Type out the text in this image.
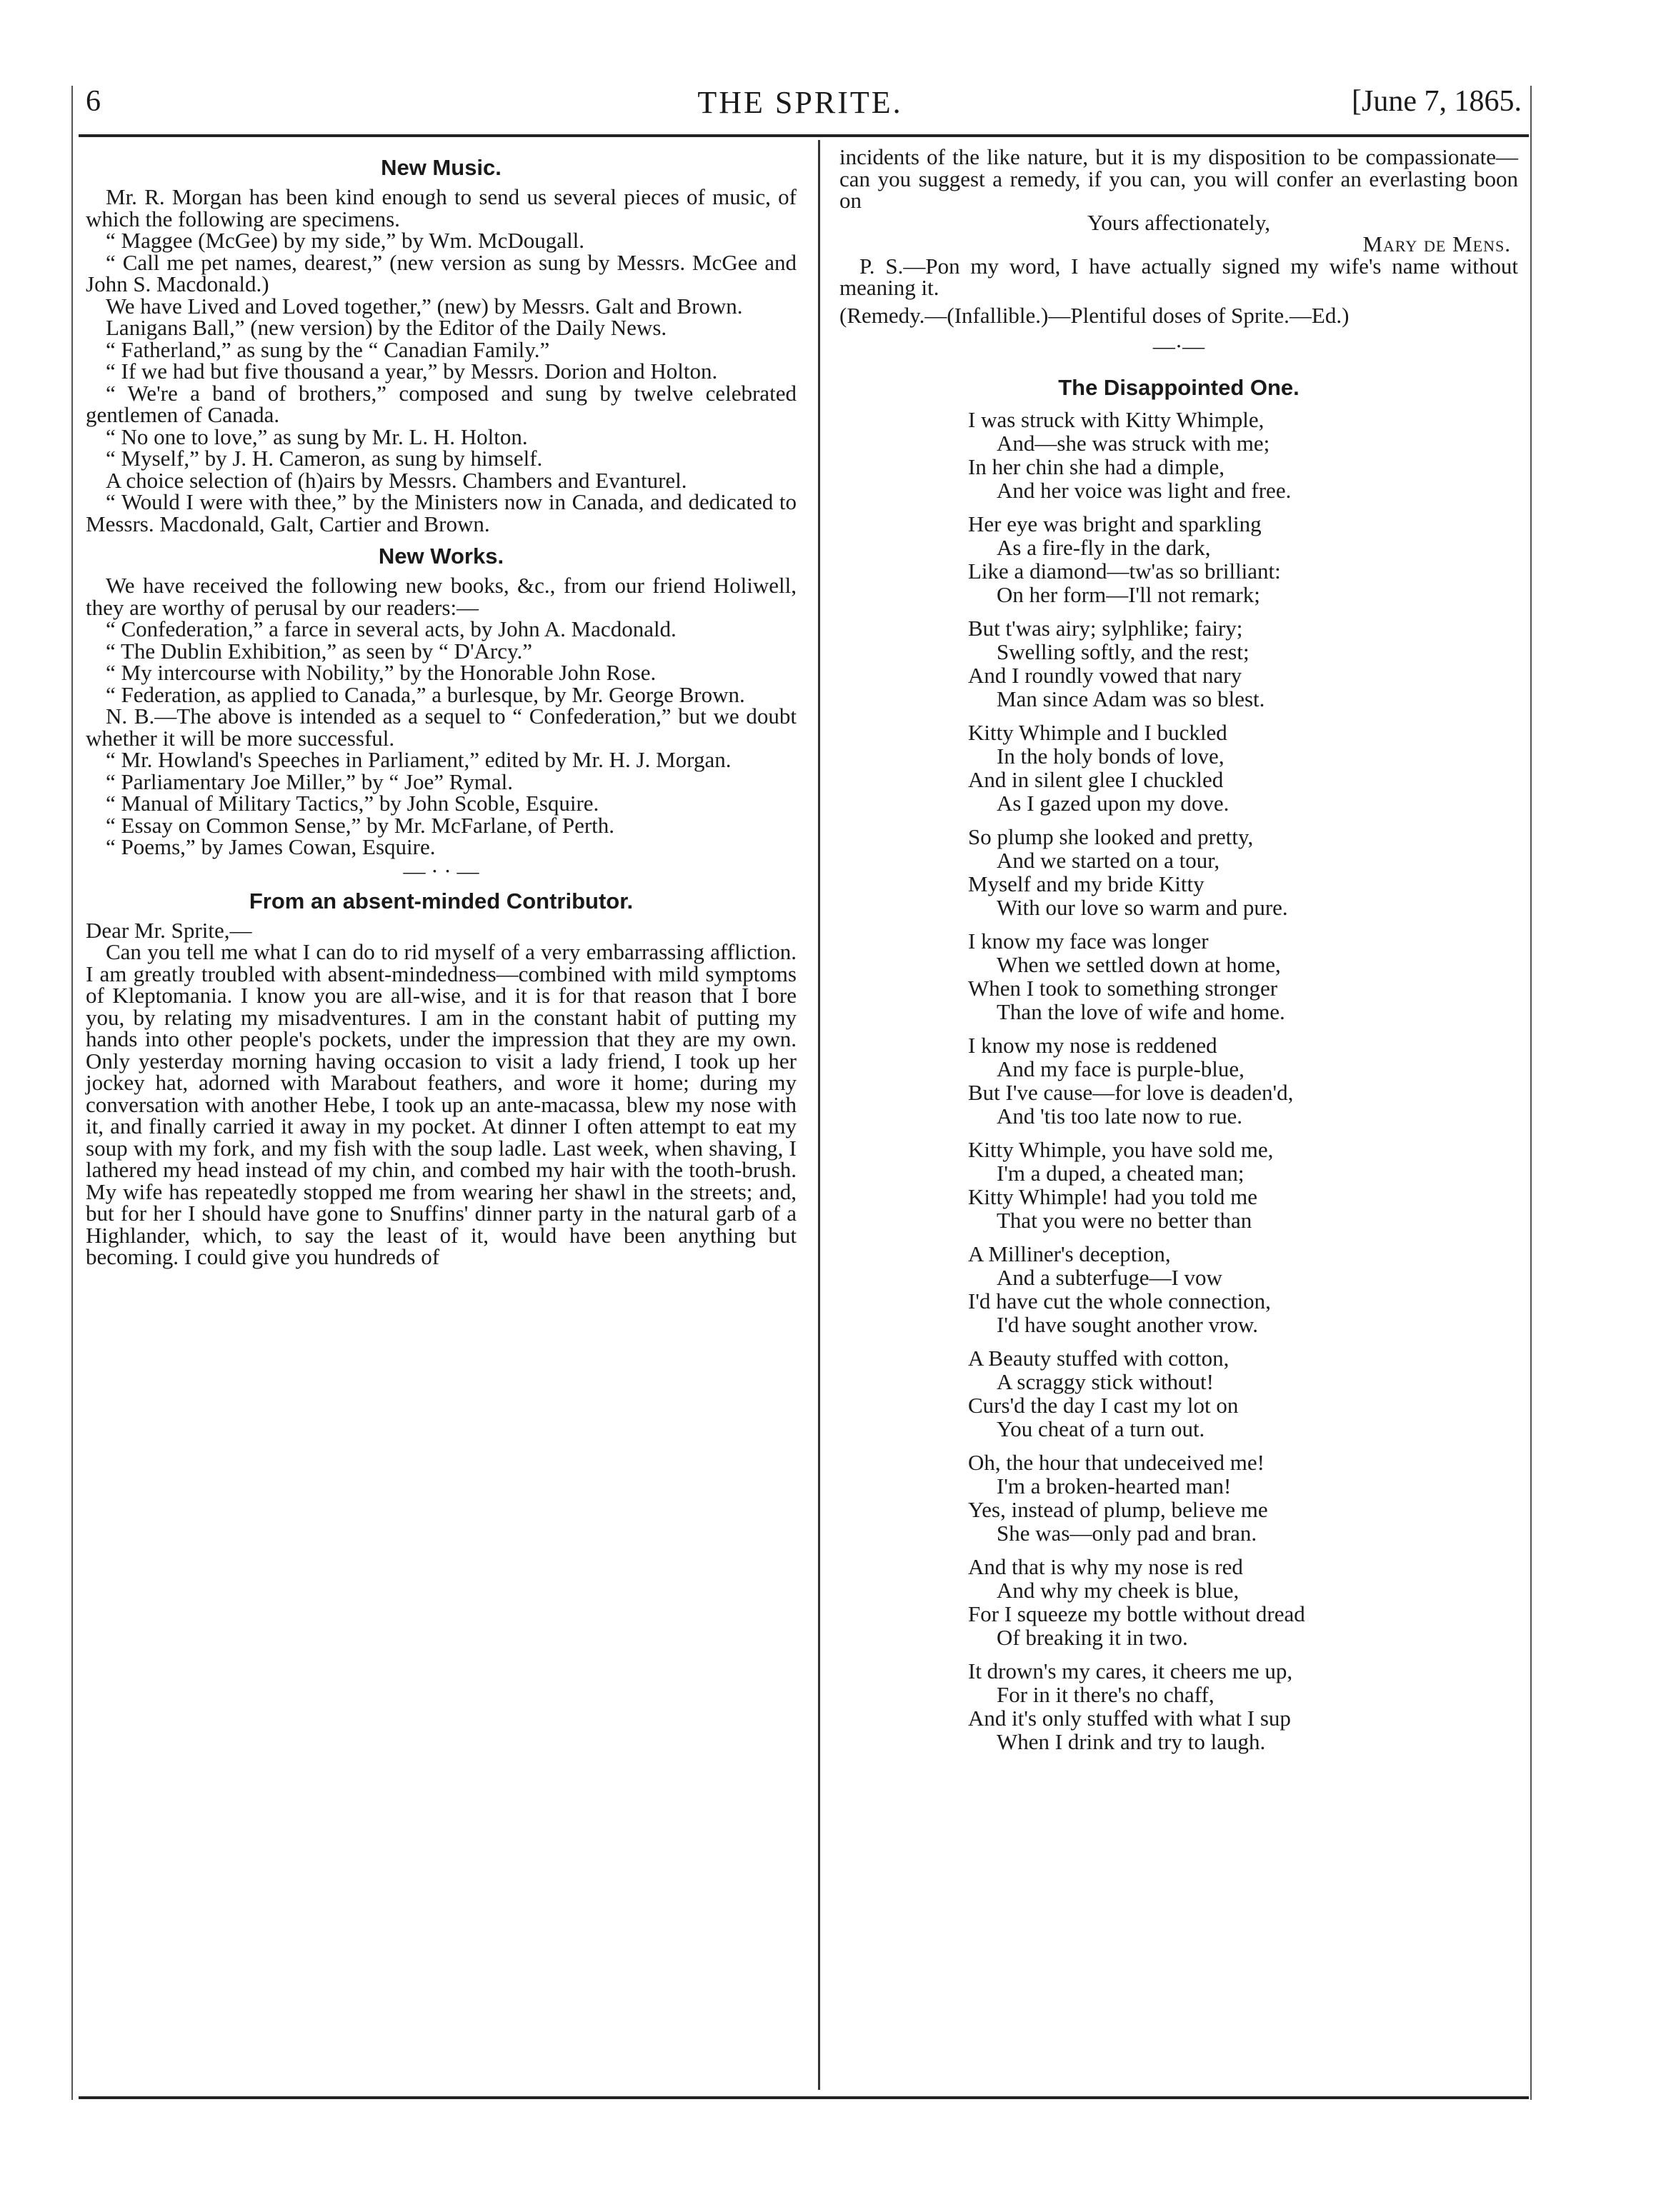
6	THE SPRITE.	[June 7, 1865.
New Music.

Mr. R. Morgan has been kind enough to send us several pieces of music, of which the following are specimens.

“ Maggee (McGee) by my side,” by Wm. McDougall.

“ Call me pet names, dearest,” (new version as sung by Messrs. McGee and John S. Macdonald.)

We have Lived and Loved together,” (new) by Messrs. Galt and Brown.

Lanigans Ball,” (new version) by the Editor of the Daily News.

“ Fatherland,” as sung by the “ Canadian Family.”

“ If we had but five thousand a year,” by Messrs. Dorion and Holton.

“ We're a band of brothers,” composed and sung by twelve celebrated gentlemen of Canada.

“ No one to love,” as sung by Mr. L. H. Holton.

“ Myself,” by J. H. Cameron, as sung by himself.

A choice selection of (h)airs by Messrs. Chambers and Evanturel.

“ Would I were with thee,” by the Ministers now in Canada, and dedicated to Messrs. Macdonald, Galt, Cartier and Brown.

New Works.

We have received the following new books, &c., from our friend Holiwell, they are worthy of perusal by our readers:—

“ Confederation,” a farce in several acts, by John A. Macdonald.

“ The Dublin Exhibition,” as seen by “ D'Arcy.”

“ My intercourse with Nobility,” by the Honorable John Rose.

“ Federation, as applied to Canada,” a burlesque, by Mr. George Brown.

N. B.—The above is intended as a sequel to “ Confederation,” but we doubt whether it will be more successful.

“ Mr. Howland's Speeches in Parliament,” edited by Mr. H. J. Morgan.

“ Parliamentary Joe Miller,” by “ Joe” Rymal.

“ Manual of Military Tactics,” by John Scoble, Esquire.

“ Essay on Common Sense,” by Mr. McFarlane, of Perth.

“ Poems,” by James Cowan, Esquire.

— · · —
From an absent-minded Contributor.

Dear Mr. Sprite,—

Can you tell me what I can do to rid myself of a very embarrassing affliction. I am greatly troubled with absent-mindedness—combined with mild symptoms of Kleptomania. I know you are all-wise, and it is for that reason that I bore you, by relating my misadventures. I am in the constant habit of putting my hands into other people's pockets, under the impression that they are my own. Only yesterday morning having occasion to visit a lady friend, I took up her jockey hat, adorned with Marabout feathers, and wore it home; during my conversation with another Hebe, I took up an ante-macassa, blew my nose with it, and finally carried it away in my pocket. At dinner I often attempt to eat my soup with my fork, and my fish with the soup ladle. Last week, when shaving, I lathered my head instead of my chin, and combed my hair with the tooth-brush. My wife has repeatedly stopped me from wearing her shawl in the streets; and, but for her I should have gone to Snuffins' dinner party in the natural garb of a Highlander, which, to say the least of it, would have been anything but becoming. I could give you hundreds of

incidents of the like nature, but it is my disposition to be compassionate—can you suggest a remedy, if you can, you will confer an everlasting boon on

Yours affectionately,

Mary de Mens.

P. S.—Pon my word, I have actually signed my wife's name without meaning it.

(Remedy.—(Infallible.)—Plentiful doses of Sprite.—Ed.)

—·—
The Disappointed One.
I was struck with Kitty Whimple,
And—she was struck with me;
In her chin she had a dimple,
And her voice was light and free.
Her eye was bright and sparkling
As a fire-fly in the dark,
Like a diamond—tw'as so brilliant:
On her form—I'll not remark;
But t'was airy; sylphlike; fairy;
Swelling softly, and the rest;
And I roundly vowed that nary
Man since Adam was so blest.
Kitty Whimple and I buckled
In the holy bonds of love,
And in silent glee I chuckled
As I gazed upon my dove.
So plump she looked and pretty,
And we started on a tour,
Myself and my bride Kitty
With our love so warm and pure.
I know my face was longer
When we settled down at home,
When I took to something stronger
Than the love of wife and home.
I know my nose is reddened
And my face is purple-blue,
But I've cause—for love is deaden'd,
And 'tis too late now to rue.
Kitty Whimple, you have sold me,
I'm a duped, a cheated man;
Kitty Whimple! had you told me
That you were no better than
A Milliner's deception,
And a subterfuge—I vow
I'd have cut the whole connection,
I'd have sought another vrow.
A Beauty stuffed with cotton,
A scraggy stick without!
Curs'd the day I cast my lot on
You cheat of a turn out.
Oh, the hour that undeceived me!
I'm a broken-hearted man!
Yes, instead of plump, believe me
She was—only pad and bran.
And that is why my nose is red
And why my cheek is blue,
For I squeeze my bottle without dread
Of breaking it in two.
It drown's my cares, it cheers me up,
For in it there's no chaff,
And it's only stuffed with what I sup
When I drink and try to laugh.
